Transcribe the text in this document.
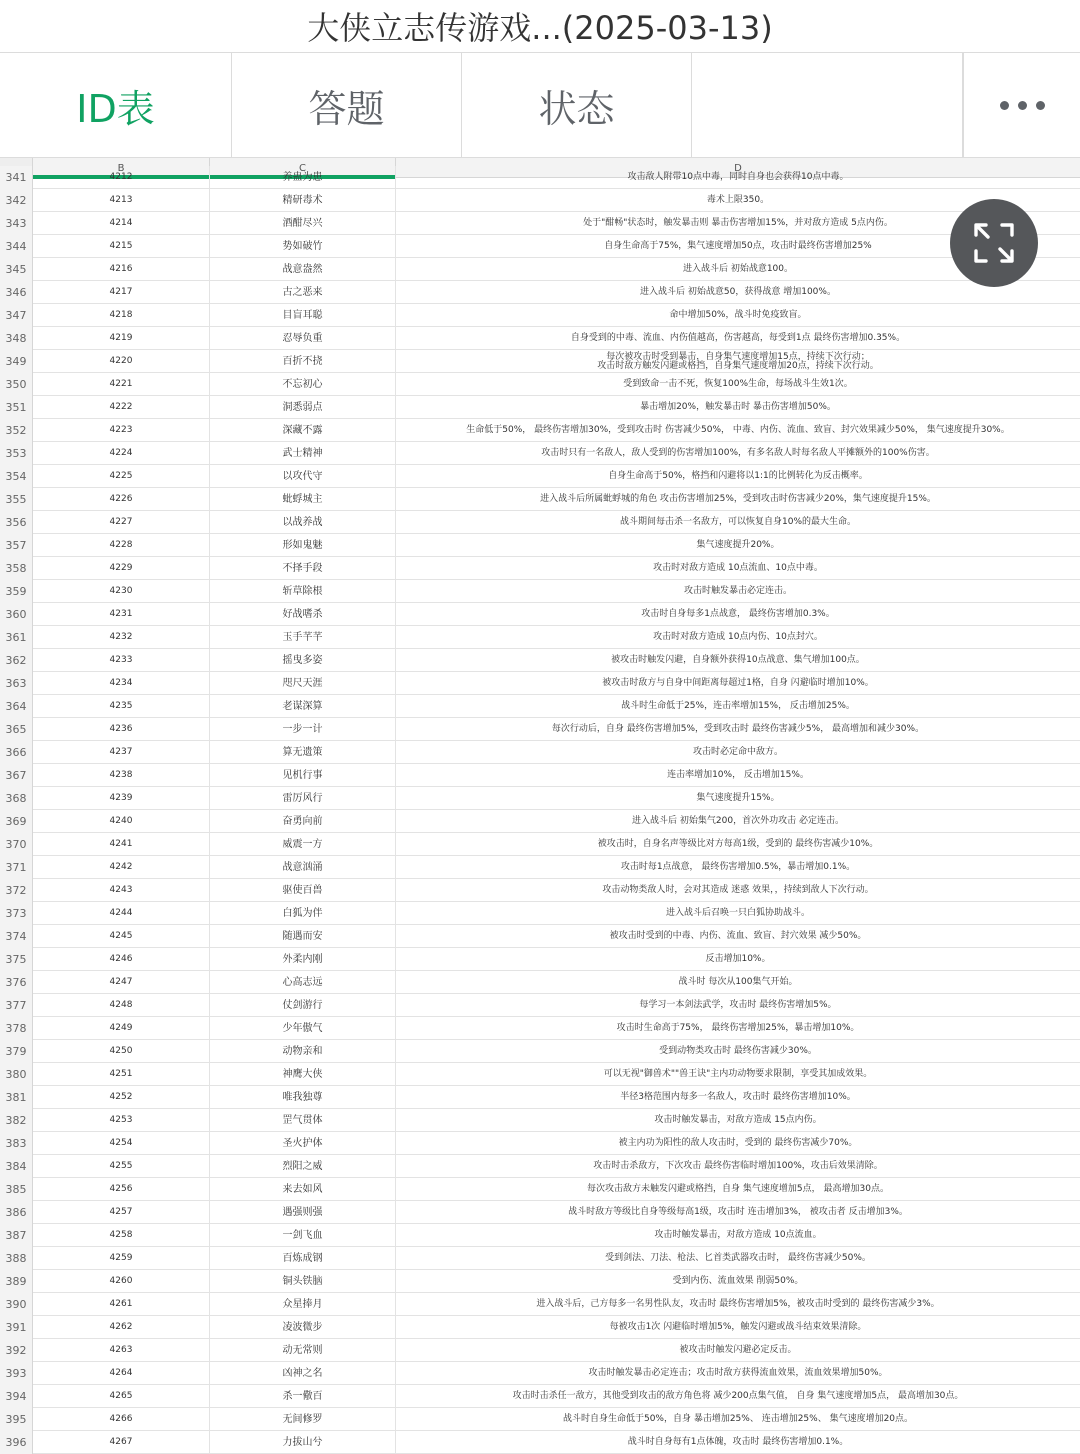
大侠立志传游戏...(2025-03-13)
ID表	答题	状态
B	C	D
341	4212	养蛊为患	攻击敌人附带10点中毒，同时自身也会获得10点中毒。
342	4213	精研毒术	毒术上限350。
343	4214	酒酣尽兴	处于"酣畅"状态时，触发暴击则 暴击伤害增加15%，并对敌方造成 5点内伤。
344	4215	势如破竹	自身生命高于75%，集气速度增加50点，攻击时最终伤害增加25%
345	4216	战意盎然	进入战斗后 初始战意100。
346	4217	古之恶来	进入战斗后 初始战意50，获得战意 增加100%。
347	4218	目盲耳聪	命中增加50%，战斗时免疫致盲。
348	4219	忍辱负重	自身受到的中毒、流血、内伤值越高，伤害越高，每受到1点 最终伤害增加0.35%。
349	4220	百折不挠	每次被攻击时受到暴击，自身集气速度增加15点，持续下次行动；
攻击时敌方触发闪避或格挡，自身集气速度增加20点，持续下次行动。
350	4221	不忘初心	受到致命一击不死，恢复100%生命，每场战斗生效1次。
351	4222	洞悉弱点	暴击增加20%，触发暴击时 暴击伤害增加50%。
352	4223	深藏不露	生命低于50%， 最终伤害增加30%，受到攻击时 伤害减少50%， 中毒、内伤、流血、致盲、封穴效果减少50%， 集气速度提升30%。
353	4224	武士精神	攻击时只有一名敌人，敌人受到的伤害增加100%，有多名敌人时每名敌人平摊额外的100%伤害。
354	4225	以攻代守	自身生命高于50%，格挡和闪避将以1:1的比例转化为反击概率。
355	4226	蚍蜉城主	进入战斗后所属蚍蜉城的角色 攻击伤害增加25%，受到攻击时伤害减少20%，集气速度提升15%。
356	4227	以战养战	战斗期间每击杀一名敌方，可以恢复自身10%的最大生命。
357	4228	形如鬼魅	集气速度提升20%。
358	4229	不择手段	攻击时对敌方造成 10点流血、10点中毒。
359	4230	斩草除根	攻击时触发暴击必定连击。
360	4231	好战嗜杀	攻击时自身每多1点战意， 最终伤害增加0.3%。
361	4232	玉手芊芊	攻击时对敌方造成 10点内伤、10点封穴。
362	4233	摇曳多姿	被攻击时触发闪避，自身额外获得10点战意、集气增加100点。
363	4234	咫尺天涯	被攻击时敌方与自身中间距离每超过1格，自身 闪避临时增加10%。
364	4235	老谋深算	战斗时生命低于25%，连击率增加15%， 反击增加25%。
365	4236	一步一计	每次行动后，自身 最终伤害增加5%，受到攻击时 最终伤害减少5%， 最高增加和减少30%。
366	4237	算无遗策	攻击时必定命中敌方。
367	4238	见机行事	连击率增加10%， 反击增加15%。
368	4239	雷厉风行	集气速度提升15%。
369	4240	奋勇向前	进入战斗后 初始集气200，首次外功攻击 必定连击。
370	4241	威震一方	被攻击时，自身名声等级比对方每高1级，受到的 最终伤害减少10%。
371	4242	战意汹涌	攻击时每1点战意， 最终伤害增加0.5%，暴击增加0.1%。
372	4243	驱使百兽	攻击动物类敌人时，会对其造成 迷惑 效果，，持续到敌人下次行动。
373	4244	白狐为伴	进入战斗后召唤一只白狐协助战斗。
374	4245	随遇而安	被攻击时受到的中毒、内伤、流血、致盲、封穴效果 减少50%。
375	4246	外柔内刚	反击增加10%。
376	4247	心高志远	战斗时 每次从100集气开始。
377	4248	仗剑游行	每学习一本剑法武学，攻击时 最终伤害增加5%。
378	4249	少年傲气	攻击时生命高于75%， 最终伤害增加25%，暴击增加10%。
379	4250	动物亲和	受到动物类攻击时 最终伤害减少30%。
380	4251	神鹰大侠	可以无视"御兽术""兽王诀"主内功动物要求限制，享受其加成效果。
381	4252	唯我独尊	半径3格范围内每多一名敌人，攻击时 最终伤害增加10%。
382	4253	罡气贯体	攻击时触发暴击，对敌方造成 15点内伤。
383	4254	圣火护体	被主内功为阳性的敌人攻击时，受到的 最终伤害减少70%。
384	4255	烈阳之威	攻击时击杀敌方，下次攻击 最终伤害临时增加100%，攻击后效果清除。
385	4256	来去如风	每次攻击敌方未触发闪避或格挡，自身 集气速度增加5点， 最高增加30点。
386	4257	遇强则强	战斗时敌方等级比自身等级每高1级，攻击时 连击增加3%， 被攻击者 反击增加3%。
387	4258	一剑飞血	攻击时触发暴击，对敌方造成 10点流血。
388	4259	百炼成钢	受到剑法、刀法、枪法、匕首类武器攻击时， 最终伤害减少50%。
389	4260	铜头铁脑	受到内伤、流血效果 削弱50%。
390	4261	众星捧月	进入战斗后，己方每多一名男性队友，攻击时 最终伤害增加5%，被攻击时受到的 最终伤害减少3%。
391	4262	凌波微步	每被攻击1次 闪避临时增加5%，触发闪避或战斗结束效果清除。
392	4263	动无常则	被攻击时触发闪避必定反击。
393	4264	凶神之名	攻击时触发暴击必定连击；攻击时敌方获得流血效果，流血效果增加50%。
394	4265	杀一儆百	攻击时击杀任一敌方，其他受到攻击的敌方角色将 减少200点集气值， 自身 集气速度增加5点， 最高增加30点。
395	4266	无间修罗	战斗时自身生命低于50%，自身 暴击增加25%、 连击增加25%、 集气速度增加20点。
396	4267	力拔山兮	战斗时自身每有1点体魄，攻击时 最终伤害增加0.1%。
